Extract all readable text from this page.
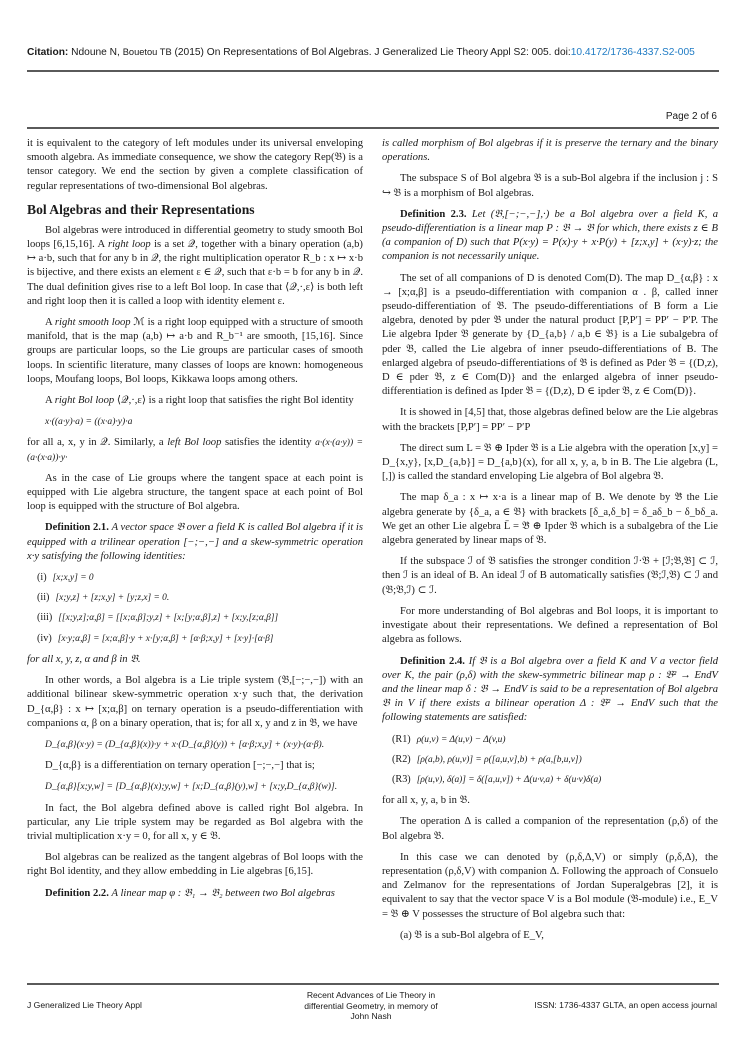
Citation: Ndoune N, Bouetou TB (2015) On Representations of Bol Algebras. J Generalized Lie Theory Appl S2: 005. doi:10.4172/1736-4337.S2-005
Page 2 of 6

it is equivalent to the category of left modules under its universal enveloping smooth algebra. As immediate consequence, we show the category Rep(𝔅) is a tensor category. We end the section by given a complete classification of regular representations of two-dimensional Bol algebras.

Bol Algebras and their Representations

Bol algebras were introduced in differential geometry to study smooth Bol loops [6,15,16]. A right loop is a set 𝒬, together with a binary operation (a,b) ↦ a·b, such that for any b in 𝒬, the right multiplication operator R_b : x ↦ x·b is bijective, and there exists an element ε ∈ 𝒬, such that ε·b = b for any b in 𝒬. The dual definition gives rise to a left Bol loop. In case that ⟨𝒬,·,ε⟩ is both left and right loop then it is called a loop with identity element ε.

A right smooth loop ℳ is a right loop equipped with a structure of smooth manifold, that is the map (a,b) ↦ a·b and R_b⁻¹ are smooth, [15,16]. Since groups are particular loops, so the Lie groups are particular cases of smooth loops. In scientific literature, many classes of loops are known: homogeneous loops, Moufang loops, Bol loops, Kikkawa loops among others.

A right Bol loop ⟨𝒬,·,ε⟩ is a right loop that satisfies the right Bol identity

x·((a·y)·a) = ((x·a)·y)·a

for all a, x, y in 𝒬. Similarly, a left Bol loop satisfies the identity a·(x·(a·y)) = (a·(x·a))·y·

As in the case of Lie groups where the tangent space at each point is equipped with Lie algebra structure, the tangent space at each point of Bol loop is equipped with the structure of Bol algebra.

Definition 2.1. A vector space 𝔅 over a field K is called Bol algebra if it is equipped with a trilinear operation [−;−,−] and a skew-symmetric operation x·y satisfying the following identities:

(i) [x;x,y] = 0
(ii) [x;y,z] + [z;x,y] + [y;z,x] = 0.
(iii) [[x;y,z];α,β] = [[x;α,β];y,z] + [x;[y;α,β],z] + [x;y,[z;α,β]]
(iv) [x·y;α,β] = [x;α,β]·y + x·[y;α,β] + [α·β;x,y] + [x·y]·[α·β]

for all x, y, z, α and β in 𝔅.

In other words, a Bol algebra is a Lie triple system (𝔅,[−;−,−]) with an additional bilinear skew-symmetric operation x·y such that, the derivation D_{α,β} : x ↦ [x;α,β] on ternary operation is a pseudo-differentiation with companions α, β on a binary operation, that is; for all x, y and z in 𝔅, we have

D_{α,β}(x·y) = (D_{α,β}(x))·y + x·(D_{α,β}(y)) + [α·β;x,y] + (x·y)·(α·β).

D_{α,β} is a differentiation on ternary operation [−;−,−] that is;

D_{α,β}[x;y,w] = [D_{α,β}(x);y,w] + [x;D_{α,β}(y),w] + [x;y,D_{α,β}(w)].

In fact, the Bol algebra defined above is called right Bol algebra. In particular, any Lie triple system may be regarded as Bol algebra with the trivial multiplication x·y = 0, for all x, y ∈ 𝔅.

Bol algebras can be realized as the tangent algebras of Bol loops with the right Bol identity, and they allow embedding in Lie algebras [6,15].

Definition 2.2. A linear map φ : 𝔅₁ → 𝔅₂ between two Bol algebras

is called morphism of Bol algebras if it is preserve the ternary and the binary operations.

The subspace S of Bol algebra 𝔅 is a sub-Bol algebra if the inclusion j : S ↪ 𝔅 is a morphism of Bol algebras.

Definition 2.3. Let (𝔅,[−;−,−],·) be a Bol algebra over a field K, a pseudo-differentiation is a linear map P : 𝔅 → 𝔅 for which, there exists z ∈ B (a companion of D) such that P(x·y) = P(x)·y + x·P(y) + [z;x,y] + (x·y)·z; the companion is not necessarily unique.

The set of all companions of D is denoted Com(D). The map D_{α,β} : x → [x;α,β] is a pseudo-differentiation with companion α . β, called inner pseudo-differentiation of 𝔅. The pseudo-differentiations of B form a Lie algebra, denoted by pder 𝔅 under the natural product [P,P′] = PP′ − P′P. The Lie algebra Ipder 𝔅 generate by {D_{a,b} / a,b ∈ 𝔅} is a Lie subalgebra of pder 𝔅, called the Lie algebra of inner pseudo-differentiations of B. The enlarged algebra of pseudo-differentiations of 𝔅 is defined as Pder 𝔅 = {(D,z), D ∈ pder 𝔅, z ∈ Com(D)} and the enlarged algebra of inner pseudo-differentiation is defined as Ipder 𝔅 = {(D,z), D ∈ ipder 𝔅, z ∈ Com(D)}.

It is showed in [4,5] that, those algebras defined below are the Lie algebras with the brackets [P,P′] = PP′ − P′P

The direct sum L = 𝔅 ⊕ Ipder 𝔅 is a Lie algebra with the operation [x,y] = D_{x,y}, [x,D_{a,b}] = D_{a,b}(x), for all x, y, a, b in B. The Lie algebra (L,[,]) is called the standard enveloping Lie algebra of Bol algebra 𝔅.

The map δ_a : x ↦ x·a is a linear map of B. We denote by 𝔅̄ the Lie algebra generate by {δ_a, a ∈ 𝔅} with brackets [δ_a,δ_b] = δ_aδ_b − δ_bδ_a. We get an other Lie algebra L̄ = 𝔅̄ ⊕ Ipder 𝔅 which is a subalgebra of the Lie algebra generated by linear maps of 𝔅.

If the subspace ℐ of 𝔅 satisfies the stronger condition ℐ·𝔅 + [ℐ;𝔅,𝔅] ⊂ ℐ, then ℐ is an ideal of B. An ideal ℐ of B automatically satisfies (𝔅;ℐ,𝔅) ⊂ ℐ and (𝔅;𝔅,ℐ) ⊂ ℐ.

For more understanding of Bol algebras and Bol loops, it is important to investigate about their representations. We defined a representation of Bol algebra as follows.

Definition 2.4. If 𝔅 is a Bol algebra over a field K and V a vector field over K, the pair (ρ,δ) with the skew-symmetric bilinear map ρ : 𝔅² → EndV and the linear map δ : 𝔅 → EndV is said to be a representation of Bol algebra 𝔅 in V if there exists a bilinear operation Δ : 𝔅² → EndV such that the following statements are satisfied:

(R1) ρ(u,v) = Δ(u,v) − Δ(v,u)
(R2) [ρ(a,b), ρ(u,v)] = ρ([a,u,v],b) + ρ(a,[b,u,v])
(R3) [ρ(u,v), δ(a)] = δ([a,u,v]) + Δ(u·v,a) + δ(u·v)δ(a)

for all x, y, a, b in 𝔅.

The operation Δ is called a companion of the representation (ρ,δ) of the Bol algebra 𝔅.

In this case we can denoted by (ρ,δ,Δ,V) or simply (ρ,δ,Δ), the representation (ρ,δ,V) with companion Δ. Following the approach of Consuelo and Zelmanov for the representations of Jordan Superalgebras [2], it is equivalent to say that the vector space V is a Bol module (𝔅-module) i.e., E_V = 𝔅 ⊕ V possesses the structure of Bol algebra such that:

(a) 𝔅 is a sub-Bol algebra of E_V,

J Generalized Lie Theory Appl
Recent Advances of Lie Theory in
differential Geometry, in memory of
John Nash
ISSN: 1736-4337 GLTA, an open access journal
